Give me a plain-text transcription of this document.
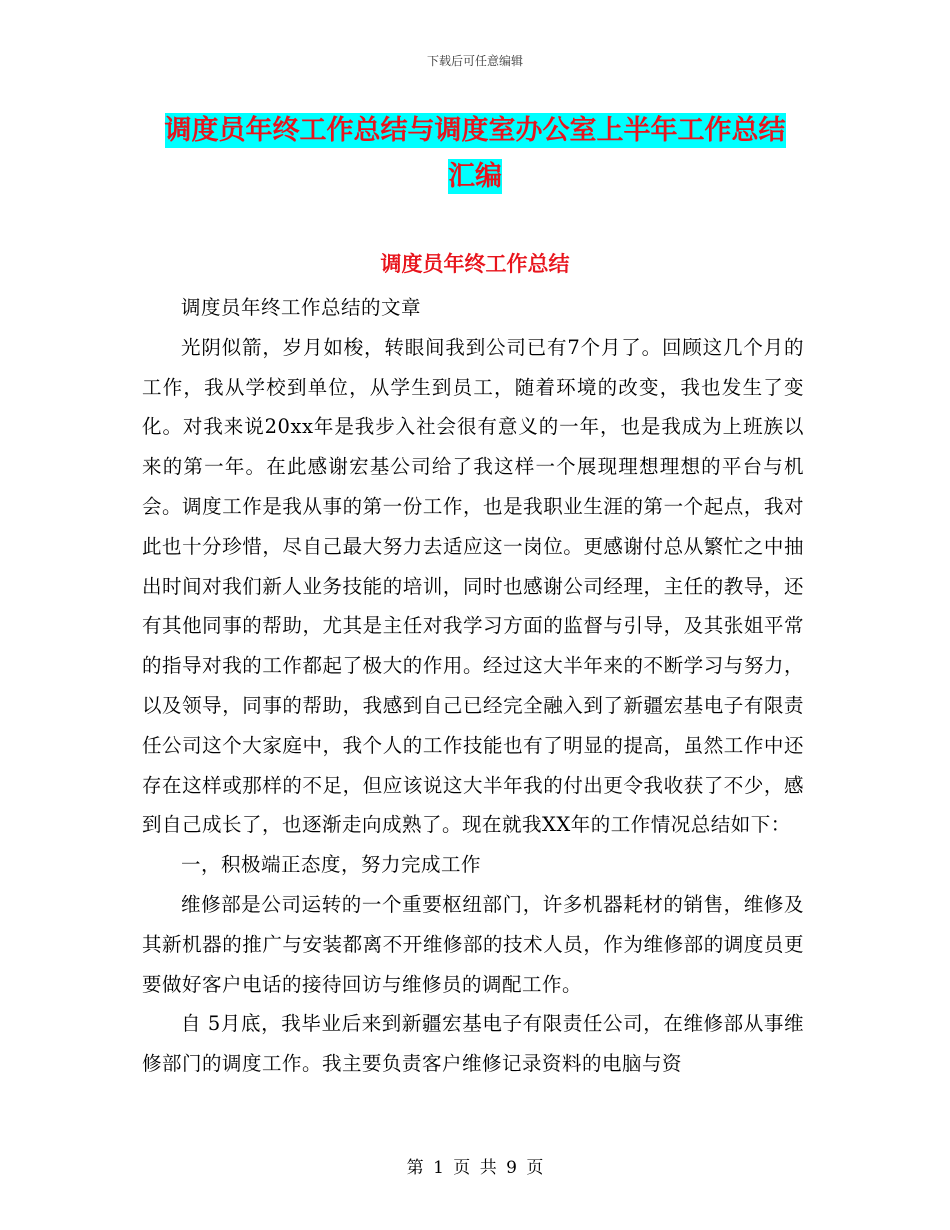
下载后可任意编辑
调度员年终工作总结与调度室办公室上半年工作总结
汇编
调度员年终工作总结

调度员年终工作总结的文章

光阴似箭，岁月如梭，转眼间我到公司已有7个月了。回顾这几个月的工作，我从学校到单位，从学生到员工，随着环境的改变，我也发生了变化。对我来说20xx年是我步入社会很有意义的一年，也是我成为上班族以来的第一年。在此感谢宏基公司给了我这样一个展现理想理想的平台与机会。调度工作是我从事的第一份工作，也是我职业生涯的第一个起点，我对此也十分珍惜，尽自己最大努力去适应这一岗位。更感谢付总从繁忙之中抽出时间对我们新人业务技能的培训，同时也感谢公司经理，主任的教导，还有其他同事的帮助，尤其是主任对我学习方面的监督与引导，及其张姐平常的指导对我的工作都起了极大的作用。经过这大半年来的不断学习与努力，以及领导，同事的帮助，我感到自己已经完全融入到了新疆宏基电子有限责任公司这个大家庭中，我个人的工作技能也有了明显的提高，虽然工作中还存在这样或那样的不足，但应该说这大半年我的付出更令我收获了不少，感到自己成长了，也逐渐走向成熟了。现在就我XX年的工作情况总结如下：

一，积极端正态度，努力完成工作

维修部是公司运转的一个重要枢纽部门，许多机器耗材的销售，维修及其新机器的推广与安装都离不开维修部的技术人员，作为维修部的调度员更要做好客户电话的接待回访与维修员的调配工作。

自 5月底，我毕业后来到新疆宏基电子有限责任公司，在维修部从事维修部门的调度工作。我主要负责客户维修记录资料的电脑与资

第 1 页 共 9 页
